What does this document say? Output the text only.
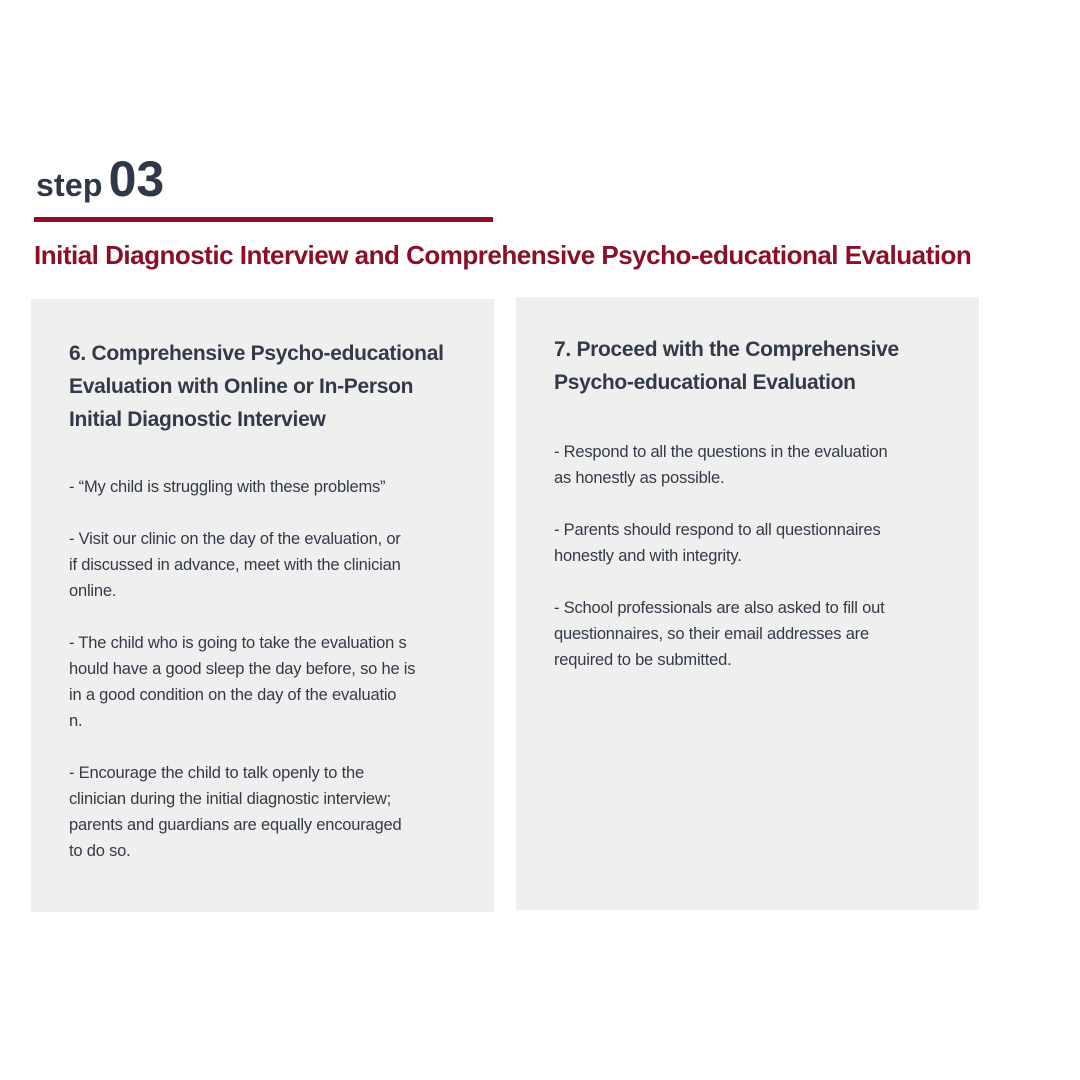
step 03
Initial Diagnostic Interview and Comprehensive Psycho-educational Evaluation
6. Comprehensive Psycho-educational
Evaluation with Online or In-Person
Initial Diagnostic Interview
- “My child is struggling with these problems”
- Visit our clinic on the day of the evaluation, or
if discussed in advance, meet with the clinician
online.
- The child who is going to take the evaluation s
hould have a good sleep the day before, so he is
in a good condition on the day of the evaluatio
n.
- Encourage the child to talk openly to the
clinician during the initial diagnostic interview;
parents and guardians are equally encouraged
to do so.
7. Proceed with the Comprehensive
Psycho-educational Evaluation
- Respond to all the questions in the evaluation
as honestly as possible.
- Parents should respond to all questionnaires
honestly and with integrity.
- School professionals are also asked to fill out
questionnaires, so their email addresses are
required to be submitted.
